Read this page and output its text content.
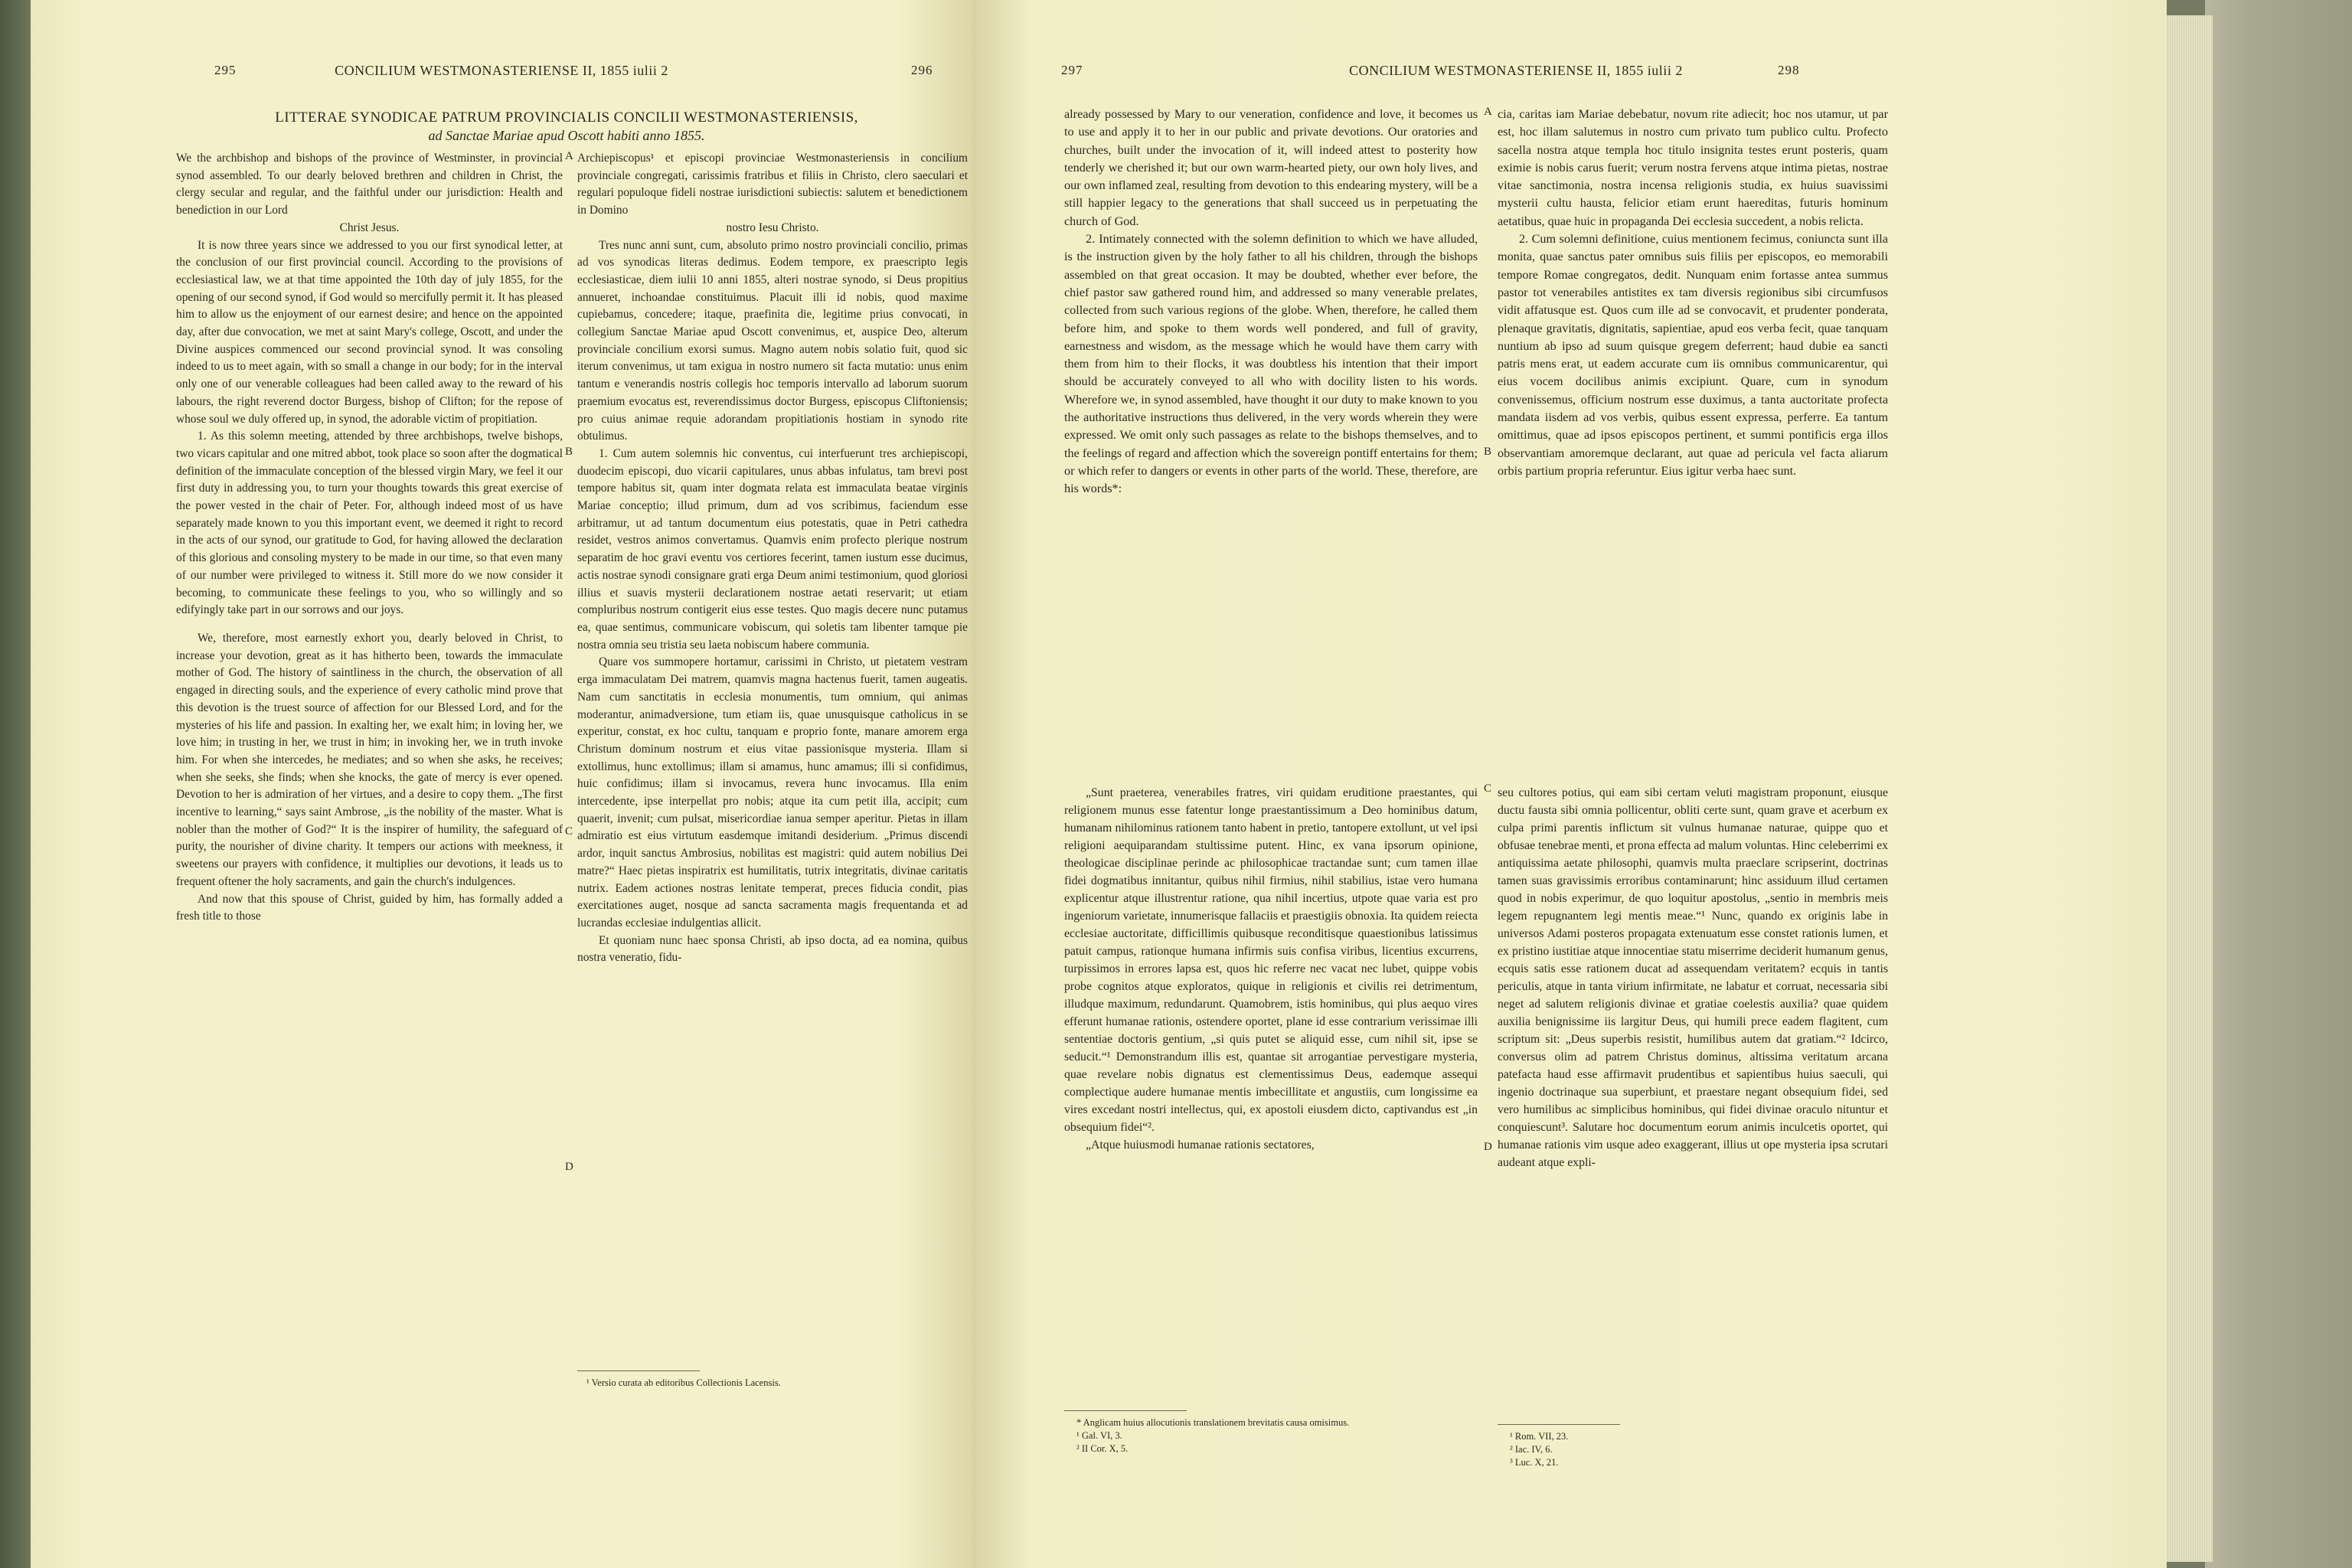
295	CONCILIUM WESTMONASTERIENSE II, 1855 iulii 2	296
LITTERAE SYNODICAE PATRUM PROVINCIALIS CONCILII WESTMONASTERIENSIS,
ad Sanctae Mariae apud Oscott habiti anno 1855.

We the archbishop and bishops of the province of Westminster, in provincial synod assembled. To our dearly beloved brethren and children in Christ, the clergy secular and regular, and the faithful under our jurisdiction: Health and benediction in our Lord

Christ Jesus.

It is now three years since we addressed to you our first synodical letter, at the conclusion of our first provincial council. According to the provisions of ecclesiastical law, we at that time appointed the 10th day of july 1855, for the opening of our second synod, if God would so mercifully permit it. It has pleased him to allow us the enjoyment of our earnest desire; and hence on the appointed day, after due convocation, we met at saint Mary's college, Oscott, and under the Divine auspices commenced our second provincial synod. It was consoling indeed to us to meet again, with so small a change in our body; for in the interval only one of our venerable colleagues had been called away to the reward of his labours, the right reverend doctor Burgess, bishop of Clifton; for the repose of whose soul we duly offered up, in synod, the adorable victim of propitiation.

1. As this solemn meeting, attended by three archbishops, twelve bishops, two vicars capitular and one mitred abbot, took place so soon after the dogmatical definition of the immaculate conception of the blessed virgin Mary, we feel it our first duty in addressing you, to turn your thoughts towards this great exercise of the power vested in the chair of Peter. For, although indeed most of us have separately made known to you this important event, we deemed it right to record in the acts of our synod, our gratitude to God, for having allowed the declaration of this glorious and consoling mystery to be made in our time, so that even many of our number were privileged to witness it. Still more do we now consider it becoming, to communicate these feelings to you, who so willingly and so edifyingly take part in our sorrows and our joys.

We, therefore, most earnestly exhort you, dearly beloved in Christ, to increase your devotion, great as it has hitherto been, towards the immaculate mother of God. The history of saintliness in the church, the observation of all engaged in directing souls, and the experience of every catholic mind prove that this devotion is the truest source of affection for our Blessed Lord, and for the mysteries of his life and passion. In exalting her, we exalt him; in loving her, we love him; in trusting in her, we trust in him; in invoking her, we in truth invoke him. For when she intercedes, he mediates; and so when she asks, he receives; when she seeks, she finds; when she knocks, the gate of mercy is ever opened. Devotion to her is admiration of her virtues, and a desire to copy them. „The first incentive to learning,“ says saint Ambrose, „is the nobility of the master. What is nobler than the mother of God?“ It is the inspirer of humility, the safeguard of purity, the nourisher of divine charity. It tempers our actions with meekness, it sweetens our prayers with confidence, it multiplies our devotions, it leads us to frequent oftener the holy sacraments, and gain the church's indulgences.

And now that this spouse of Christ, guided by him, has formally added a fresh title to those

A
B
C
D

Archiepiscopus¹ et episcopi provinciae Westmonasteriensis in concilium provinciale congregati, carissimis fratribus et filiis in Christo, clero saeculari et regulari populoque fideli nostrae iurisdictioni subiectis: salutem et benedictionem in Domino

nostro Iesu Christo.

Tres nunc anni sunt, cum, absoluto primo nostro provinciali concilio, primas ad vos synodicas literas dedimus. Eodem tempore, ex praescripto legis ecclesiasticae, diem iulii 10 anni 1855, alteri nostrae synodo, si Deus propitius annueret, inchoandae constituimus. Placuit illi id nobis, quod maxime cupiebamus, concedere; itaque, praefinita die, legitime prius convocati, in collegium Sanctae Mariae apud Oscott convenimus, et, auspice Deo, alterum provinciale concilium exorsi sumus. Magno autem nobis solatio fuit, quod sic iterum convenimus, ut tam exigua in nostro numero sit facta mutatio: unus enim tantum e venerandis nostris collegis hoc temporis intervallo ad laborum suorum praemium evocatus est, reverendissimus doctor Burgess, episcopus Cliftoniensis; pro cuius animae requie adorandam propitiationis hostiam in synodo rite obtulimus.

1. Cum autem solemnis hic conventus, cui interfuerunt tres archiepiscopi, duodecim episcopi, duo vicarii capitulares, unus abbas infulatus, tam brevi post tempore habitus sit, quam inter dogmata relata est immaculata beatae virginis Mariae conceptio; illud primum, dum ad vos scribimus, faciendum esse arbitramur, ut ad tantum documentum eius potestatis, quae in Petri cathedra residet, vestros animos convertamus. Quamvis enim profecto plerique nostrum separatim de hoc gravi eventu vos certiores fecerint, tamen iustum esse ducimus, actis nostrae synodi consignare grati erga Deum animi testimonium, quod gloriosi illius et suavis mysterii declarationem nostrae aetati reservarit; ut etiam compluribus nostrum contigerit eius esse testes. Quo magis decere nunc putamus ea, quae sentimus, communicare vobiscum, qui soletis tam libenter tamque pie nostra omnia seu tristia seu laeta nobiscum habere communia.

Quare vos summopere hortamur, carissimi in Christo, ut pietatem vestram erga immaculatam Dei matrem, quamvis magna hactenus fuerit, tamen augeatis. Nam cum sanctitatis in ecclesia monumentis, tum omnium, qui animas moderantur, animadversione, tum etiam iis, quae unusquisque catholicus in se experitur, constat, ex hoc cultu, tanquam e proprio fonte, manare amorem erga Christum dominum nostrum et eius vitae passionisque mysteria. Illam si extollimus, hunc extollimus; illam si amamus, hunc amamus; illi si confidimus, huic confidimus; illam si invocamus, revera hunc invocamus. Illa enim intercedente, ipse interpellat pro nobis; atque ita cum petit illa, accipit; cum quaerit, invenit; cum pulsat, misericordiae ianua semper aperitur. Pietas in illam admiratio est eius virtutum easdemque imitandi desiderium. „Primus discendi ardor, inquit sanctus Ambrosius, nobilitas est magistri: quid autem nobilius Dei matre?“ Haec pietas inspiratrix est humilitatis, tutrix integritatis, divinae caritatis nutrix. Eadem actiones nostras lenitate temperat, preces fiducia condit, pias exercitationes auget, nosque ad sancta sacramenta magis frequentanda et ad lucrandas ecclesiae indulgentias allicit.

Et quoniam nunc haec sponsa Christi, ab ipso docta, ad ea nomina, quibus nostra veneratio, fidu-

¹ Versio curata ab editoribus Collectionis Lacensis.

297	CONCILIUM WESTMONASTERIENSE II, 1855 iulii 2	298

already possessed by Mary to our veneration, confidence and love, it becomes us to use and apply it to her in our public and private devotions. Our oratories and churches, built under the invocation of it, will indeed attest to posterity how tenderly we cherished it; but our own warm-hearted piety, our own holy lives, and our own inflamed zeal, resulting from devotion to this endearing mystery, will be a still happier legacy to the generations that shall succeed us in perpetuating the church of God.

2. Intimately connected with the solemn definition to which we have alluded, is the instruction given by the holy father to all his children, through the bishops assembled on that great occasion. It may be doubted, whether ever before, the chief pastor saw gathered round him, and addressed so many venerable prelates, collected from such various regions of the globe. When, therefore, he called them before him, and spoke to them words well pondered, and full of gravity, earnestness and wisdom, as the message which he would have them carry with them from him to their flocks, it was doubtless his intention that their import should be accurately conveyed to all who with docility listen to his words. Wherefore we, in synod assembled, have thought it our duty to make known to you the authoritative instructions thus delivered, in the very words wherein they were expressed. We omit only such passages as relate to the bishops themselves, and to the feelings of regard and affection which the sovereign pontiff entertains for them; or which refer to dangers or events in other parts of the world. These, therefore, are his words*:

A
B
C
D

cia, caritas iam Mariae debebatur, novum rite adiecit; hoc nos utamur, ut par est, hoc illam salutemus in nostro cum privato tum publico cultu. Profecto sacella nostra atque templa hoc titulo insignita testes erunt posteris, quam eximie is nobis carus fuerit; verum nostra fervens atque intima pietas, nostrae vitae sanctimonia, nostra incensa religionis studia, ex huius suavissimi mysterii cultu hausta, felicior etiam erunt haereditas, futuris hominum aetatibus, quae huic in propaganda Dei ecclesia succedent, a nobis relicta.

2. Cum solemni definitione, cuius mentionem fecimus, coniuncta sunt illa monita, quae sanctus pater omnibus suis filiis per episcopos, eo memorabili tempore Romae congregatos, dedit. Nunquam enim fortasse antea summus pastor tot venerabiles antistites ex tam diversis regionibus sibi circumfusos vidit affatusque est. Quos cum ille ad se convocavit, et prudenter ponderata, plenaque gravitatis, dignitatis, sapientiae, apud eos verba fecit, quae tanquam nuntium ab ipso ad suum quisque gregem deferrent; haud dubie ea sancti patris mens erat, ut eadem accurate cum iis omnibus communicarentur, qui eius vocem docilibus animis excipiunt. Quare, cum in synodum convenissemus, officium nostrum esse duximus, a tanta auctoritate profecta mandata iisdem ad vos verbis, quibus essent expressa, perferre. Ea tantum omittimus, quae ad ipsos episcopos pertinent, et summi pontificis erga illos observantiam amoremque declarant, aut quae ad pericula vel facta aliarum orbis partium propria referuntur. Eius igitur verba haec sunt.

„Sunt praeterea, venerabiles fratres, viri quidam eruditione praestantes, qui religionem munus esse fatentur longe praestantissimum a Deo hominibus datum, humanam nihilominus rationem tanto habent in pretio, tantopere extollunt, ut vel ipsi religioni aequiparandam stultissime putent. Hinc, ex vana ipsorum opinione, theologicae disciplinae perinde ac philosophicae tractandae sunt; cum tamen illae fidei dogmatibus innitantur, quibus nihil firmius, nihil stabilius, istae vero humana explicentur atque illustrentur ratione, qua nihil incertius, utpote quae varia est pro ingeniorum varietate, innumerisque fallaciis et praestigiis obnoxia. Ita quidem reiecta ecclesiae auctoritate, difficillimis quibusque reconditisque quaestionibus latissimus patuit campus, rationque humana infirmis suis confisa viribus, licentius excurrens, turpissimos in errores lapsa est, quos hic referre nec vacat nec lubet, quippe vobis probe cognitos atque exploratos, quique in religionis et civilis rei detrimentum, illudque maximum, redundarunt. Quamobrem, istis hominibus, qui plus aequo vires efferunt humanae rationis, ostendere oportet, plane id esse contrarium verissimae illi sententiae doctoris gentium, „si quis putet se aliquid esse, cum nihil sit, ipse se seducit.“¹ Demonstrandum illis est, quantae sit arrogantiae pervestigare mysteria, quae revelare nobis dignatus est clementissimus Deus, eademque assequi complectique audere humanae mentis imbecillitate et angustiis, cum longissime ea vires excedant nostri intellectus, qui, ex apostoli eiusdem dicto, captivandus est „in obsequium fidei“².

„Atque huiusmodi humanae rationis sectatores,

seu cultores potius, qui eam sibi certam veluti magistram proponunt, eiusque ductu fausta sibi omnia pollicentur, obliti certe sunt, quam grave et acerbum ex culpa primi parentis inflictum sit vulnus humanae naturae, quippe quo et obfusae tenebrae menti, et prona effecta ad malum voluntas. Hinc celeberrimi ex antiquissima aetate philosophi, quamvis multa praeclare scripserint, doctrinas tamen suas gravissimis erroribus contaminarunt; hinc assiduum illud certamen quod in nobis experimur, de quo loquitur apostolus, „sentio in membris meis legem repugnantem legi mentis meae.“¹ Nunc, quando ex originis labe in universos Adami posteros propagata extenuatum esse constet rationis lumen, et ex pristino iustitiae atque innocentiae statu miserrime deciderit humanum genus, ecquis satis esse rationem ducat ad assequendam veritatem? ecquis in tantis periculis, atque in tanta virium infirmitate, ne labatur et corruat, necessaria sibi neget ad salutem religionis divinae et gratiae coelestis auxilia? quae quidem auxilia benignissime iis largitur Deus, qui humili prece eadem flagitent, cum scriptum sit: „Deus superbis resistit, humilibus autem dat gratiam.“² Idcirco, conversus olim ad patrem Christus dominus, altissima veritatum arcana patefacta haud esse affirmavit prudentibus et sapientibus huius saeculi, qui ingenio doctrinaque sua superbiunt, et praestare negant obsequium fidei, sed vero humilibus ac simplicibus hominibus, qui fidei divinae oraculo nituntur et conquiescunt³. Salutare hoc documentum eorum animis inculcetis oportet, qui humanae rationis vim usque adeo exaggerant, illius ut ope mysteria ipsa scrutari audeant atque expli-

* Anglicam huius allocutionis translationem brevitatis causa omisimus.

¹ Gal. VI, 3.

² II Cor. X, 5.

¹ Rom. VII, 23.

² Iac. IV, 6.

³ Luc. X, 21.
